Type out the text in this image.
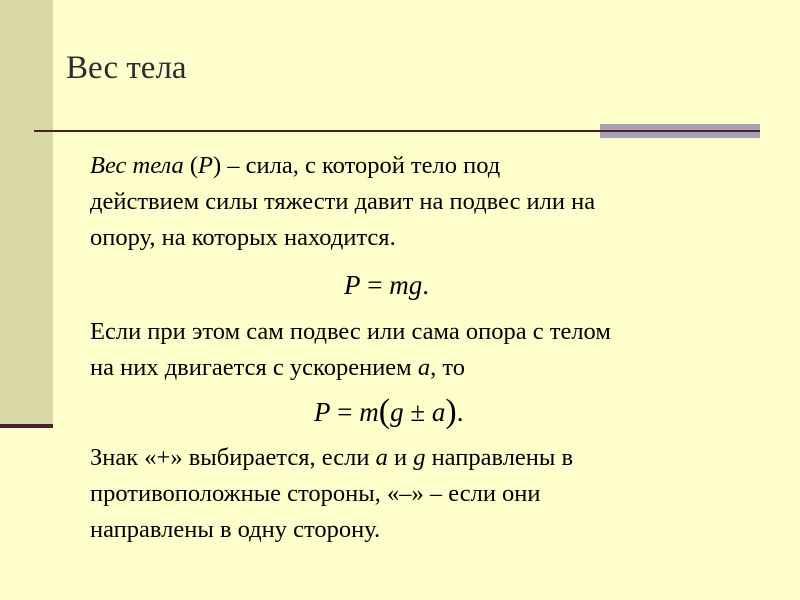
Вес тела
Вес тела (P) – сила, с которой тело под
действием силы тяжести давит на подвес или на
опору, на которых находится.
P = mg.
Если при этом сам подвес или сама опора с телом
на них двигается с ускорением a, то
P = m(g ± a).
Знак «+» выбирается, если a и g направлены в
противоположные стороны, «–» – если они
направлены в одну сторону.
